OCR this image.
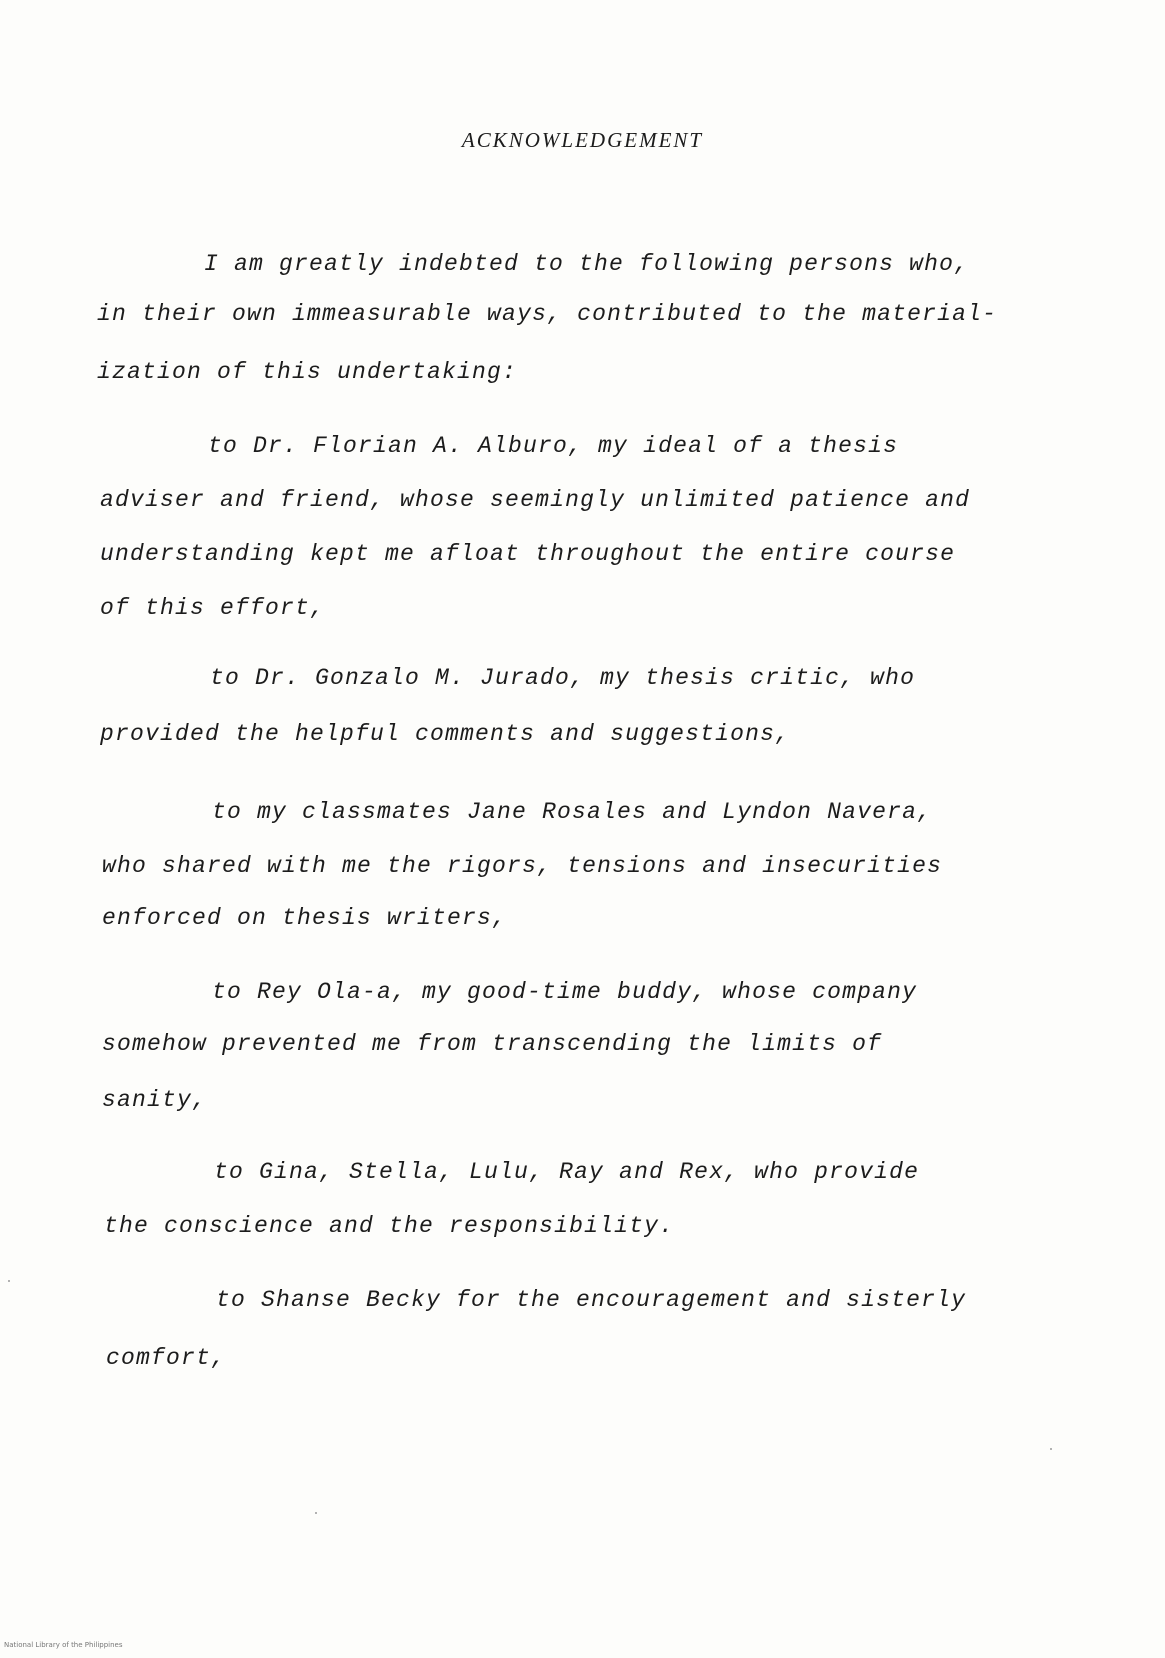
ACKNOWLEDGEMENT

I am greatly indebted to the following persons who,

in their own immeasurable ways, contributed to the material-

ization of this undertaking:

to Dr. Florian A. Alburo, my ideal of a thesis

adviser and friend, whose seemingly unlimited patience and

understanding kept me afloat throughout the entire course

of this effort,

to Dr. Gonzalo M. Jurado, my thesis critic, who

provided the helpful comments and suggestions,

to my classmates Jane Rosales and Lyndon Navera,

who shared with me the rigors, tensions and insecurities

enforced on thesis writers,

to Rey Ola-a, my good-time buddy, whose company

somehow prevented me from transcending the limits of

sanity,

to Gina, Stella, Lulu, Ray and Rex, who provide

the conscience and the responsibility.

to Shanse Becky for the encouragement and sisterly

comfort,

National Library of the Philippines
